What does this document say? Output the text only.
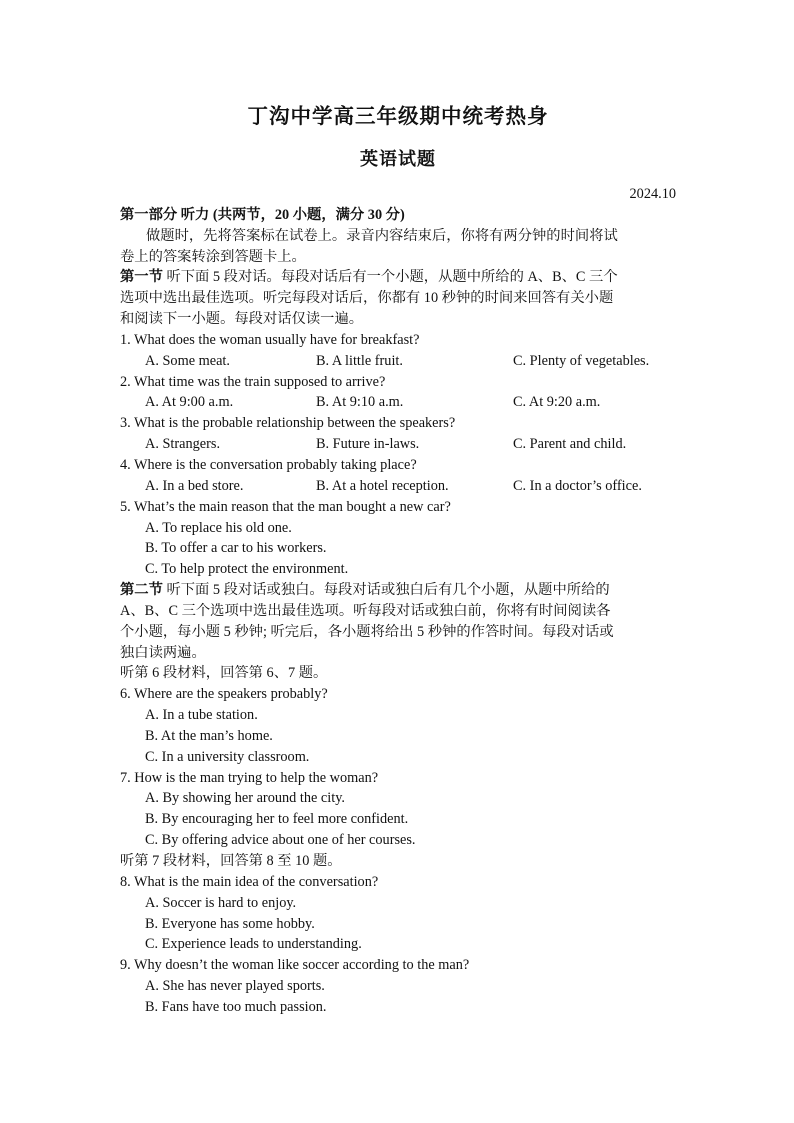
丁沟中学高三年级期中统考热身
英语试题
2024.10
第一部分 听力 (共两节，20 小题，满分 30 分)
做题时，先将答案标在试卷上。录音内容结束后，你将有两分钟的时间将试
卷上的答案转涂到答题卡上。
第一节 听下面 5 段对话。每段对话后有一个小题，从题中所给的 A、B、C 三个
选项中选出最佳选项。听完每段对话后，你都有 10 秒钟的时间来回答有关小题
和阅读下一小题。每段对话仅读一遍。
1. What does the woman usually have for breakfast?
A. Some meat.	B. A little fruit.	C. Plenty of vegetables.
2. What time was the train supposed to arrive?
A. At 9:00 a.m.	B. At 9:10 a.m.	C. At 9:20 a.m.
3. What is the probable relationship between the speakers?
A. Strangers.	B. Future in-laws.	C. Parent and child.
4. Where is the conversation probably taking place?
A. In a bed store.	B. At a hotel reception.	C. In a doctor’s office.
5. What’s the main reason that the man bought a new car?
A. To replace his old one.
B. To offer a car to his workers.
C. To help protect the environment.
第二节 听下面 5 段对话或独白。每段对话或独白后有几个小题，从题中所给的
A、B、C 三个选项中选出最佳选项。听每段对话或独白前，你将有时间阅读各
个小题，每小题 5 秒钟; 听完后，各小题将给出 5 秒钟的作答时间。每段对话或
独白读两遍。
听第 6 段材料，回答第 6、7 题。
6. Where are the speakers probably?
A. In a tube station.
B. At the man’s home.
C. In a university classroom.
7. How is the man trying to help the woman?
A. By showing her around the city.
B. By encouraging her to feel more confident.
C. By offering advice about one of her courses.
听第 7 段材料，回答第 8 至 10 题。
8. What is the main idea of the conversation?
A. Soccer is hard to enjoy.
B. Everyone has some hobby.
C. Experience leads to understanding.
9. Why doesn’t the woman like soccer according to the man?
A. She has never played sports.
B. Fans have too much passion.
